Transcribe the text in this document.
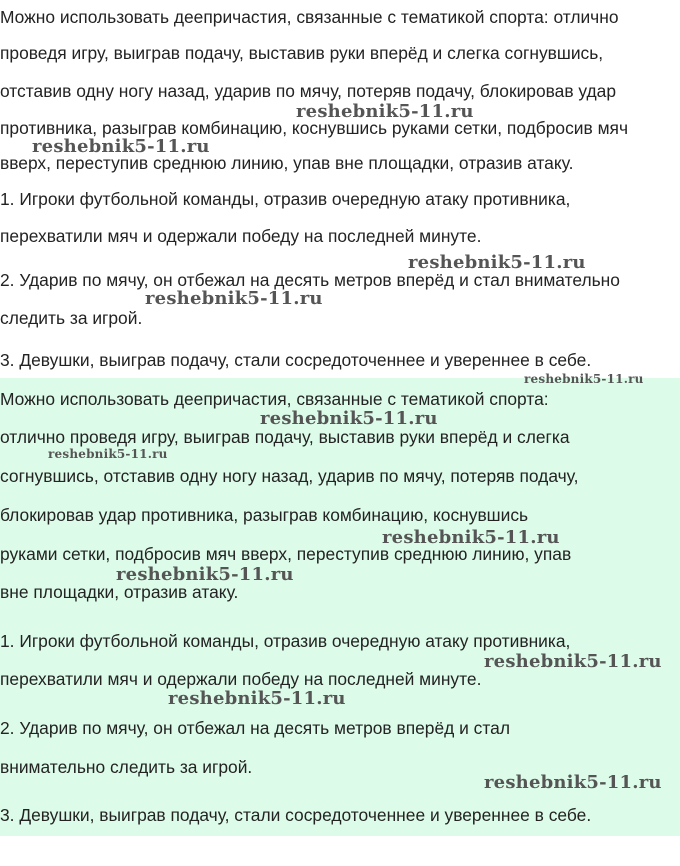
Можно использовать деепричастия, связанные с тематикой спорта: отлично
проведя игру, выиграв подачу, выставив руки вперёд и слегка согнувшись,
отставив одну ногу назад, ударив по мячу, потеряв подачу, блокировав удар
противника, разыграв комбинацию, коснувшись руками сетки, подбросив мяч
вверх, переступив среднюю линию, упав вне площадки, отразив атаку.
1. Игроки футбольной команды, отразив очередную атаку противника,
перехватили мяч и одержали победу на последней минуте.
2. Ударив по мячу, он отбежал на десять метров вперёд и стал внимательно
следить за игрой.
3. Девушки, выиграв подачу, стали сосредоточеннее и увереннее в себе.
Можно использовать деепричастия, связанные с тематикой спорта:
отлично проведя игру, выиграв подачу, выставив руки вперёд и слегка
согнувшись, отставив одну ногу назад, ударив по мячу, потеряв подачу,
блокировав удар противника, разыграв комбинацию, коснувшись
руками сетки, подбросив мяч вверх, переступив среднюю линию, упав
вне площадки, отразив атаку.
1. Игроки футбольной команды, отразив очередную атаку противника,
перехватили мяч и одержали победу на последней минуте.
2. Ударив по мячу, он отбежал на десять метров вперёд и стал
внимательно следить за игрой.
3. Девушки, выиграв подачу, стали сосредоточеннее и увереннее в себе.
reshebnik5-11.ru
reshebnik5-11.ru
reshebnik5-11.ru
reshebnik5-11.ru
reshebnik5-11.ru
reshebnik5-11.ru
reshebnik5-11.ru
reshebnik5-11.ru
reshebnik5-11.ru
reshebnik5-11.ru
reshebnik5-11.ru
reshebnik5-11.ru
